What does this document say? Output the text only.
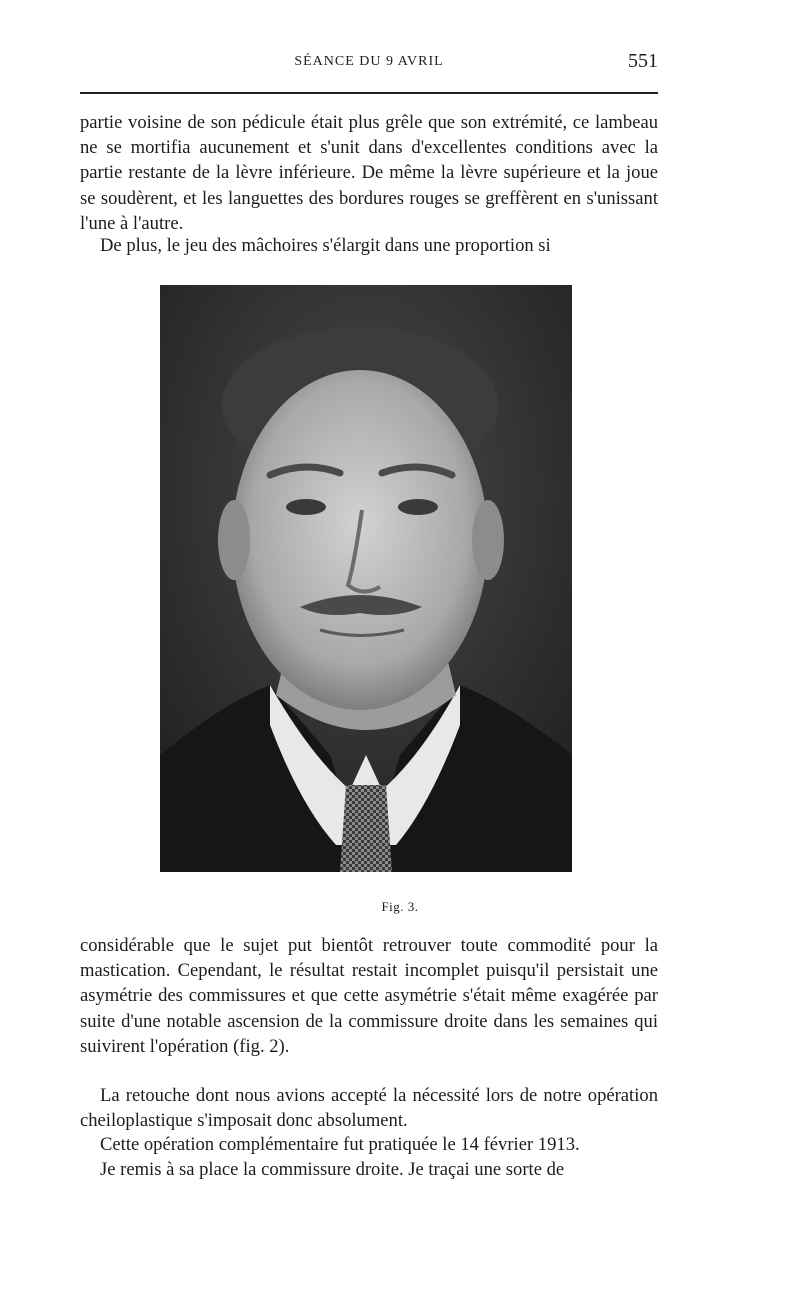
SÉANCE DU 9 AVRIL	551

partie voisine de son pédicule était plus grêle que son extrémité, ce lambeau ne se mortifia aucunement et s'unit dans d'excellentes conditions avec la partie restante de la lèvre inférieure. De même la lèvre supérieure et la joue se soudèrent, et les languettes des bordures rouges se greffèrent en s'unissant l'une à l'autre.

De plus, le jeu des mâchoires s'élargit dans une proportion si

Fig. 3.

considérable que le sujet put bientôt retrouver toute commodité pour la mastication. Cependant, le résultat restait incomplet puisqu'il persistait une asymétrie des commissures et que cette asymétrie s'était même exagérée par suite d'une notable ascension de la commissure droite dans les semaines qui suivirent l'opération (fig. 2).

La retouche dont nous avions accepté la nécessité lors de notre opération cheiloplastique s'imposait donc absolument.

Cette opération complémentaire fut pratiquée le 14 février 1913.

Je remis à sa place la commissure droite. Je traçai une sorte de
